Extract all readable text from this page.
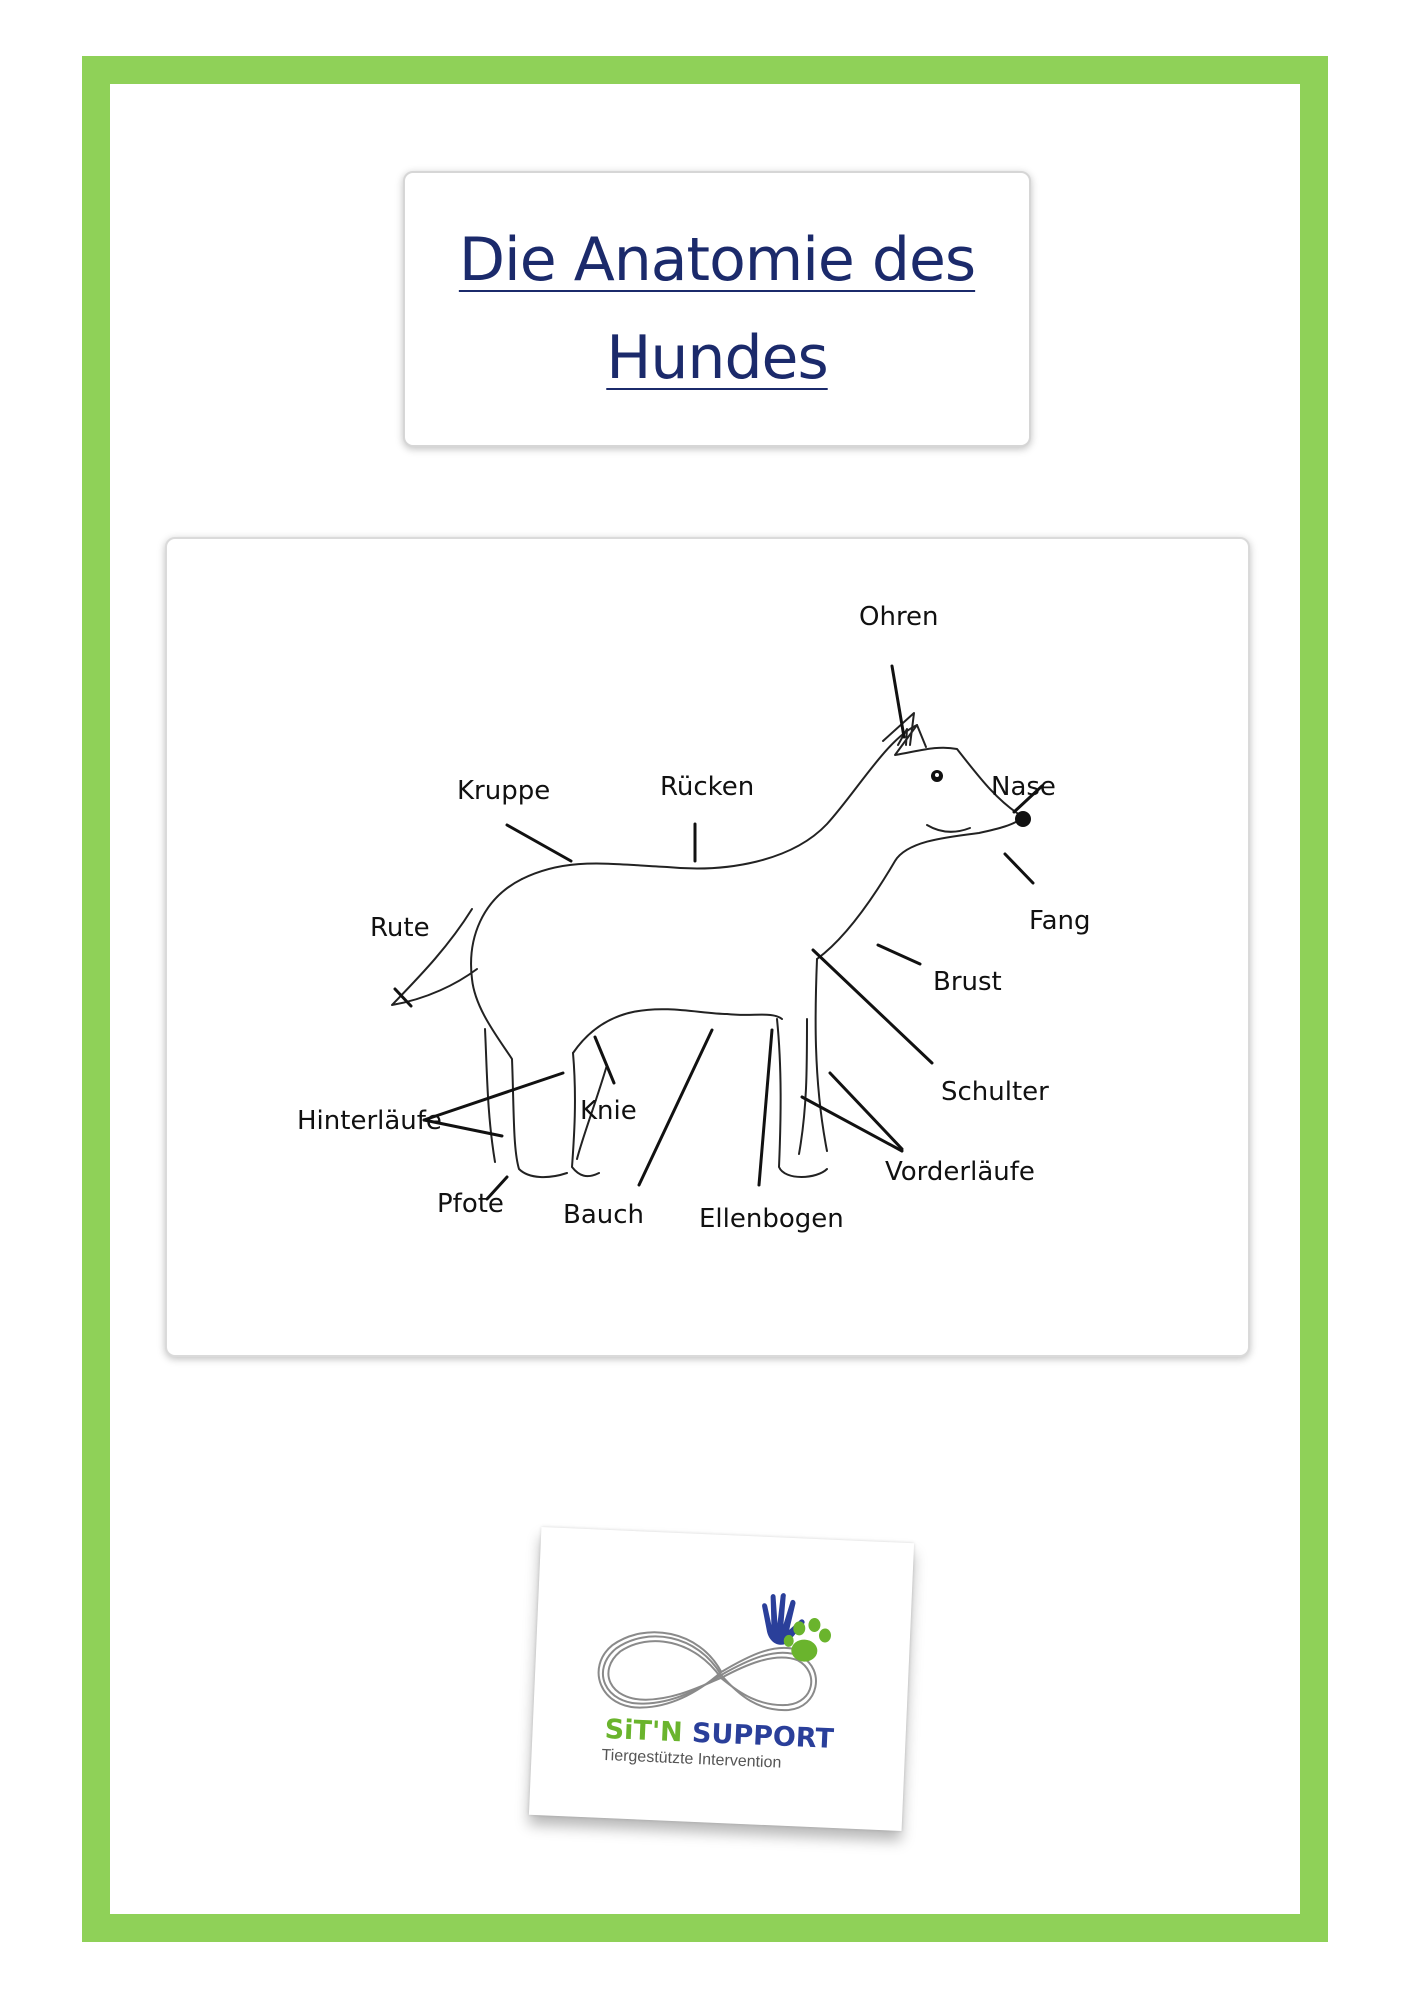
Die Anatomie des
Hundes
Ohren
Nase
Fang
Brust
Schulter
Vorderläufe
Ellenbogen
Bauch
Pfote
Hinterläufe	Knie
Rute
Kruppe	Rücken
SiT'N SUPPORT
Tiergestützte Intervention
